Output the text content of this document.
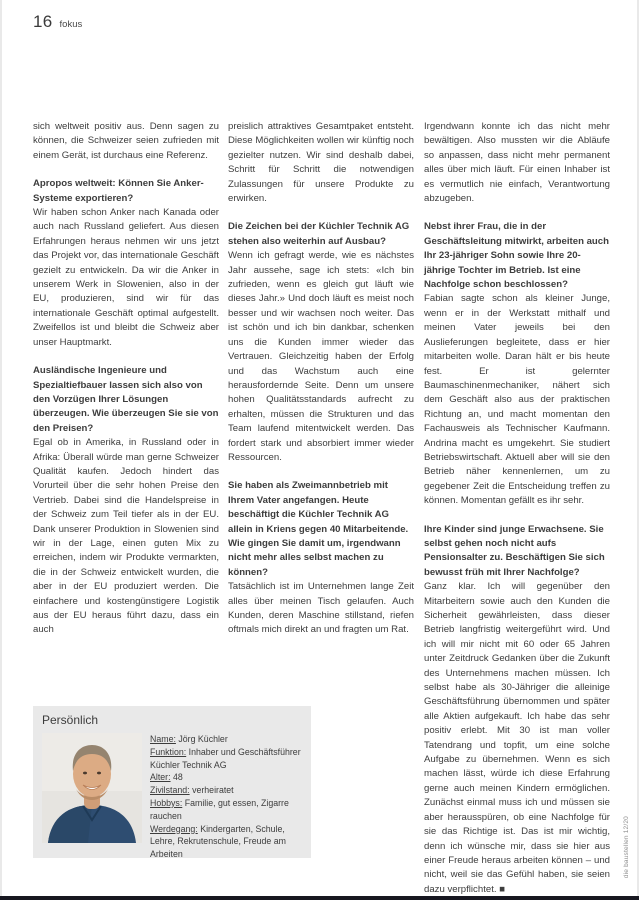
16 fokus

sich weltweit positiv aus. Denn sagen zu können, die Schweizer seien zufrieden mit einem Gerät, ist durchaus eine Referenz.

Apropos weltweit: Können Sie Anker-Systeme exportieren?

Wir haben schon Anker nach Kanada oder auch nach Russland geliefert. Aus diesen Erfahrungen heraus nehmen wir uns jetzt das Projekt vor, das internationale Geschäft gezielt zu entwickeln. Da wir die Anker in unserem Werk in Slowenien, also in der EU, produzieren, sind wir für das internationale Geschäft optimal aufgestellt. Zweifellos ist und bleibt die Schweiz aber unser Hauptmarkt.

Ausländische Ingenieure und Spezialtiefbauer lassen sich also von den Vorzügen Ihrer Lösungen überzeugen. Wie überzeugen Sie sie von den Preisen?

Egal ob in Amerika, in Russland oder in Afrika: Überall würde man gerne Schweizer Qualität kaufen. Jedoch hindert das Vorurteil über die sehr hohen Preise den Vertrieb. Dabei sind die Handelspreise in der Schweiz zum Teil tiefer als in der EU. Dank unserer Produktion in Slowenien sind wir in der Lage, einen guten Mix zu erreichen, indem wir Produkte vermarkten, die in der Schweiz entwickelt wurden, die aber in der EU produziert werden. Die einfachere und kostengünstigere Logistik aus der EU heraus führt dazu, dass ein auch

preislich attraktives Gesamtpaket entsteht. Diese Möglichkeiten wollen wir künftig noch gezielter nutzen. Wir sind deshalb dabei, Schritt für Schritt die notwendigen Zulassungen für unsere Produkte zu erwirken.

Die Zeichen bei der Küchler Technik AG stehen also weiterhin auf Ausbau?

Wenn ich gefragt werde, wie es nächstes Jahr aussehe, sage ich stets: «Ich bin zufrieden, wenn es gleich gut läuft wie dieses Jahr.» Und doch läuft es meist noch besser und wir wachsen noch weiter. Das ist schön und ich bin dankbar, schenken uns die Kunden immer wieder das Vertrauen. Gleichzeitig haben der Erfolg und das Wachstum auch eine herausfordernde Seite. Denn um unsere hohen Qualitätsstandards aufrecht zu erhalten, müssen die Strukturen und das Team laufend mitentwickelt werden. Das fordert stark und absorbiert immer wieder Ressourcen.

Sie haben als Zweimannbetrieb mit Ihrem Vater angefangen. Heute beschäftigt die Küchler Technik AG allein in Kriens gegen 40 Mitarbeitende. Wie gingen Sie damit um, irgendwann nicht mehr alles selbst machen zu können?

Tatsächlich ist im Unternehmen lange Zeit alles über meinen Tisch gelaufen. Auch Kunden, deren Maschine stillstand, riefen oftmals mich direkt an und fragten um Rat.

Irgendwann konnte ich das nicht mehr bewältigen. Also mussten wir die Abläufe so anpassen, dass nicht mehr permanent alles über mich läuft. Für einen Inhaber ist es vermutlich nie einfach, Verantwortung abzugeben.

Nebst ihrer Frau, die in der Geschäftsleitung mitwirkt, arbeiten auch Ihr 23-jähriger Sohn sowie Ihre 20-jährige Tochter im Betrieb. Ist eine Nachfolge schon beschlossen?

Fabian sagte schon als kleiner Junge, wenn er in der Werkstatt mithalf und meinen Vater jeweils bei den Auslieferungen begleitete, dass er hier mitarbeiten wolle. Daran hält er bis heute fest. Er ist gelernter Baumaschinenmechaniker, nähert sich dem Geschäft also aus der praktischen Richtung an, und macht momentan den Fachausweis als Technischer Kaufmann. Andrina macht es umgekehrt. Sie studiert Betriebswirtschaft. Aktuell aber will sie den Betrieb näher kennenlernen, um zu gegebener Zeit die Entscheidung treffen zu können. Momentan gefällt es ihr sehr.

Ihre Kinder sind junge Erwachsene. Sie selbst gehen noch nicht aufs Pensionsalter zu. Beschäftigen Sie sich bewusst früh mit Ihrer Nachfolge?

Ganz klar. Ich will gegenüber den Mitarbeitern sowie auch den Kunden die Sicherheit gewährleisten, dass dieser Betrieb langfristig weitergeführt wird. Und ich will mir nicht mit 60 oder 65 Jahren unter Zeitdruck Gedanken über die Zukunft des Unternehmens machen müssen. Ich selbst habe als 30-Jähriger die alleinige Geschäftsführung übernommen und später alle Aktien aufgekauft. Ich habe das sehr positiv erlebt. Mit 30 ist man voller Tatendrang und topfit, um eine solche Aufgabe zu übernehmen. Wenn es sich machen lässt, würde ich diese Erfahrung gerne auch meinen Kindern ermöglichen. Zunächst einmal muss ich und müssen sie aber herausspüren, ob eine Nachfolge für sie das Richtige ist. Das ist mir wichtig, denn ich wünsche mir, dass sie hier aus einer Freude heraus arbeiten können – und nicht, weil sie das Gefühl haben, sie seien dazu verpflichtet. ■

Persönlich
Name: Jörg Küchler
Funktion: Inhaber und Geschäftsführer Küchler Technik AG
Alter: 48
Zivilstand: verheiratet
Hobbys: Familie, gut essen, Zigarre rauchen
Werdegang: Kindergarten, Schule, Lehre, Rekrutenschule, Freude am Arbeiten	die baustellen 12/20
